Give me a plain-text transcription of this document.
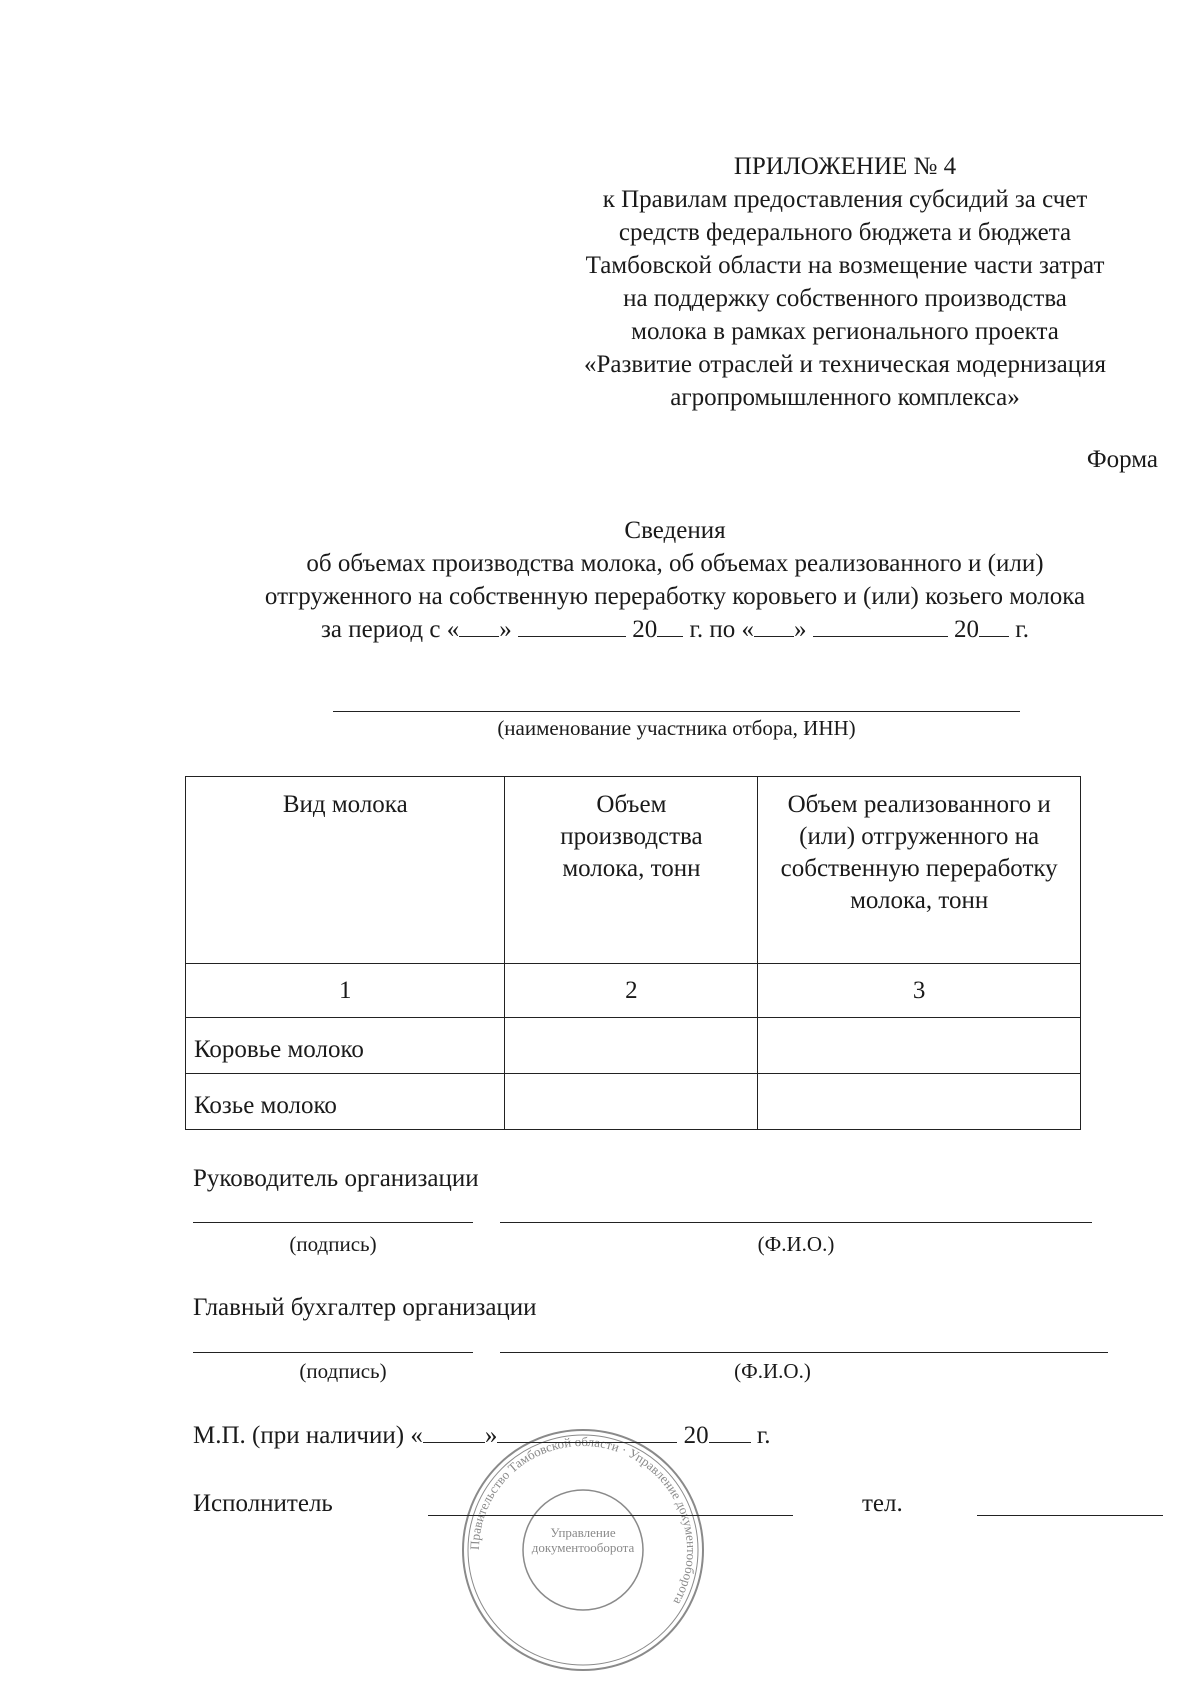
ПРИЛОЖЕНИЕ № 4
к Правилам предоставления субсидий за счет
средств федерального бюджета и бюджета
Тамбовской области на возмещение части затрат
на поддержку собственного производства
молока в рамках регионального проекта
«Развитие отраслей и техническая модернизация
агропромышленного комплекса»
Форма
Сведения
об объемах производства молока, об объемах реализованного и (или)
отгруженного на собственную переработку коровьего и (или) козьего молока
за период с « »	20 г. по « »	20 г.
(наименование участника отбора, ИНН)
Вид молока	Объем производства молока, тонн	Объем реализованного и (или) отгруженного на собственную переработку молока, тонн

1	2	3
Коровье молоко		
Козье молоко		
Руководитель организации
(подпись)	(Ф.И.О.)
Главный бухгалтер организации
(подпись)	(Ф.И.О.)
Правительство Тамбовской области · Управление документооборота
Управление документооборота
М.П. (при наличии) « »	20 г.
Исполнитель	тел.
